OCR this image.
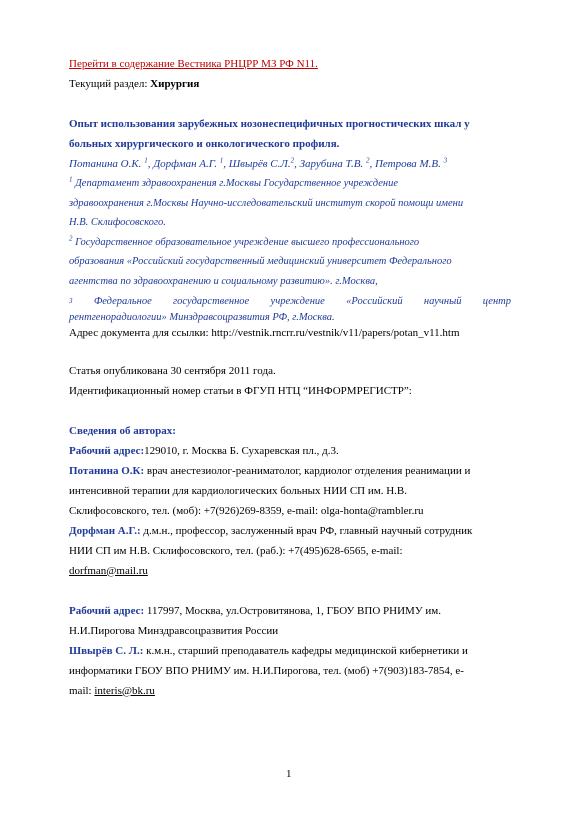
Перейти в содержание Вестника РНЦРР МЗ РФ N11.
Текущий раздел: Хирургия
Опыт использования зарубежных нозонеспецифичных прогностических шкал у
больных хирургического и онкологического профиля.
Потанина О.К. $^1$, Дорфман А.Г. $^1$, Швырёв С.Л.$^2$, Зарубина Т.В. $^2$, Петрова М.В. $^3$
$^1$ Департамент здравоохранения г.Москвы Государственное учреждение
здравоохранения г.Москвы Научно-исследовательский институт скорой помощи имени
Н.В. Склифосовского.
$^2$ Государственное образовательное учреждение высшего профессионального
образования «Российский государственный медицинский университет Федерального
агентства по здравоохранению и социальному развитию». г.Москва,
3 Федеральное государственное учреждение «Российский научный центр
рентгенорадиологии» Минздравсоцразвития РФ, г.Москва.
Адрес документа для ссылки: http://vestnik.rncrr.ru/vestnik/v11/papers/potan_v11.htm
Статья опубликована 30 сентября 2011 года.
Идентификационный номер статьи в ФГУП НТЦ “ИНФОРМРЕГИСТР”:
Сведения об авторах:
Рабочий адрес:129010, г. Москва Б. Сухаревская пл., д.3.
Потанина О.К: врач анестезиолог-реаниматолог, кардиолог отделения реанимации и
интенсивной терапии для кардиологических больных НИИ СП им. Н.В.
Склифосовского, тел. (моб): +7(926)269-8359, e-mail: olga-honta@rambler.ru
Дорфман А.Г.: д.м.н., профессор, заслуженный врач РФ, главный научный сотрудник
НИИ СП им Н.В. Склифосовского, тел. (раб.): +7(495)628-6565, e-mail:
dorfman@mail.ru
Рабочий адрес: 117997, Москва, ул.Островитянова, 1, ГБОУ ВПО РНИМУ им.
Н.И.Пирогова Минздравсоцразвития России
Швырёв С. Л.: к.м.н., старший преподаватель кафедры медицинской кибернетики и
информатики ГБОУ ВПО РНИМУ им. Н.И.Пирогова, тел. (моб) +7(903)183-7854, e-
mail: interis@bk.ru
1
